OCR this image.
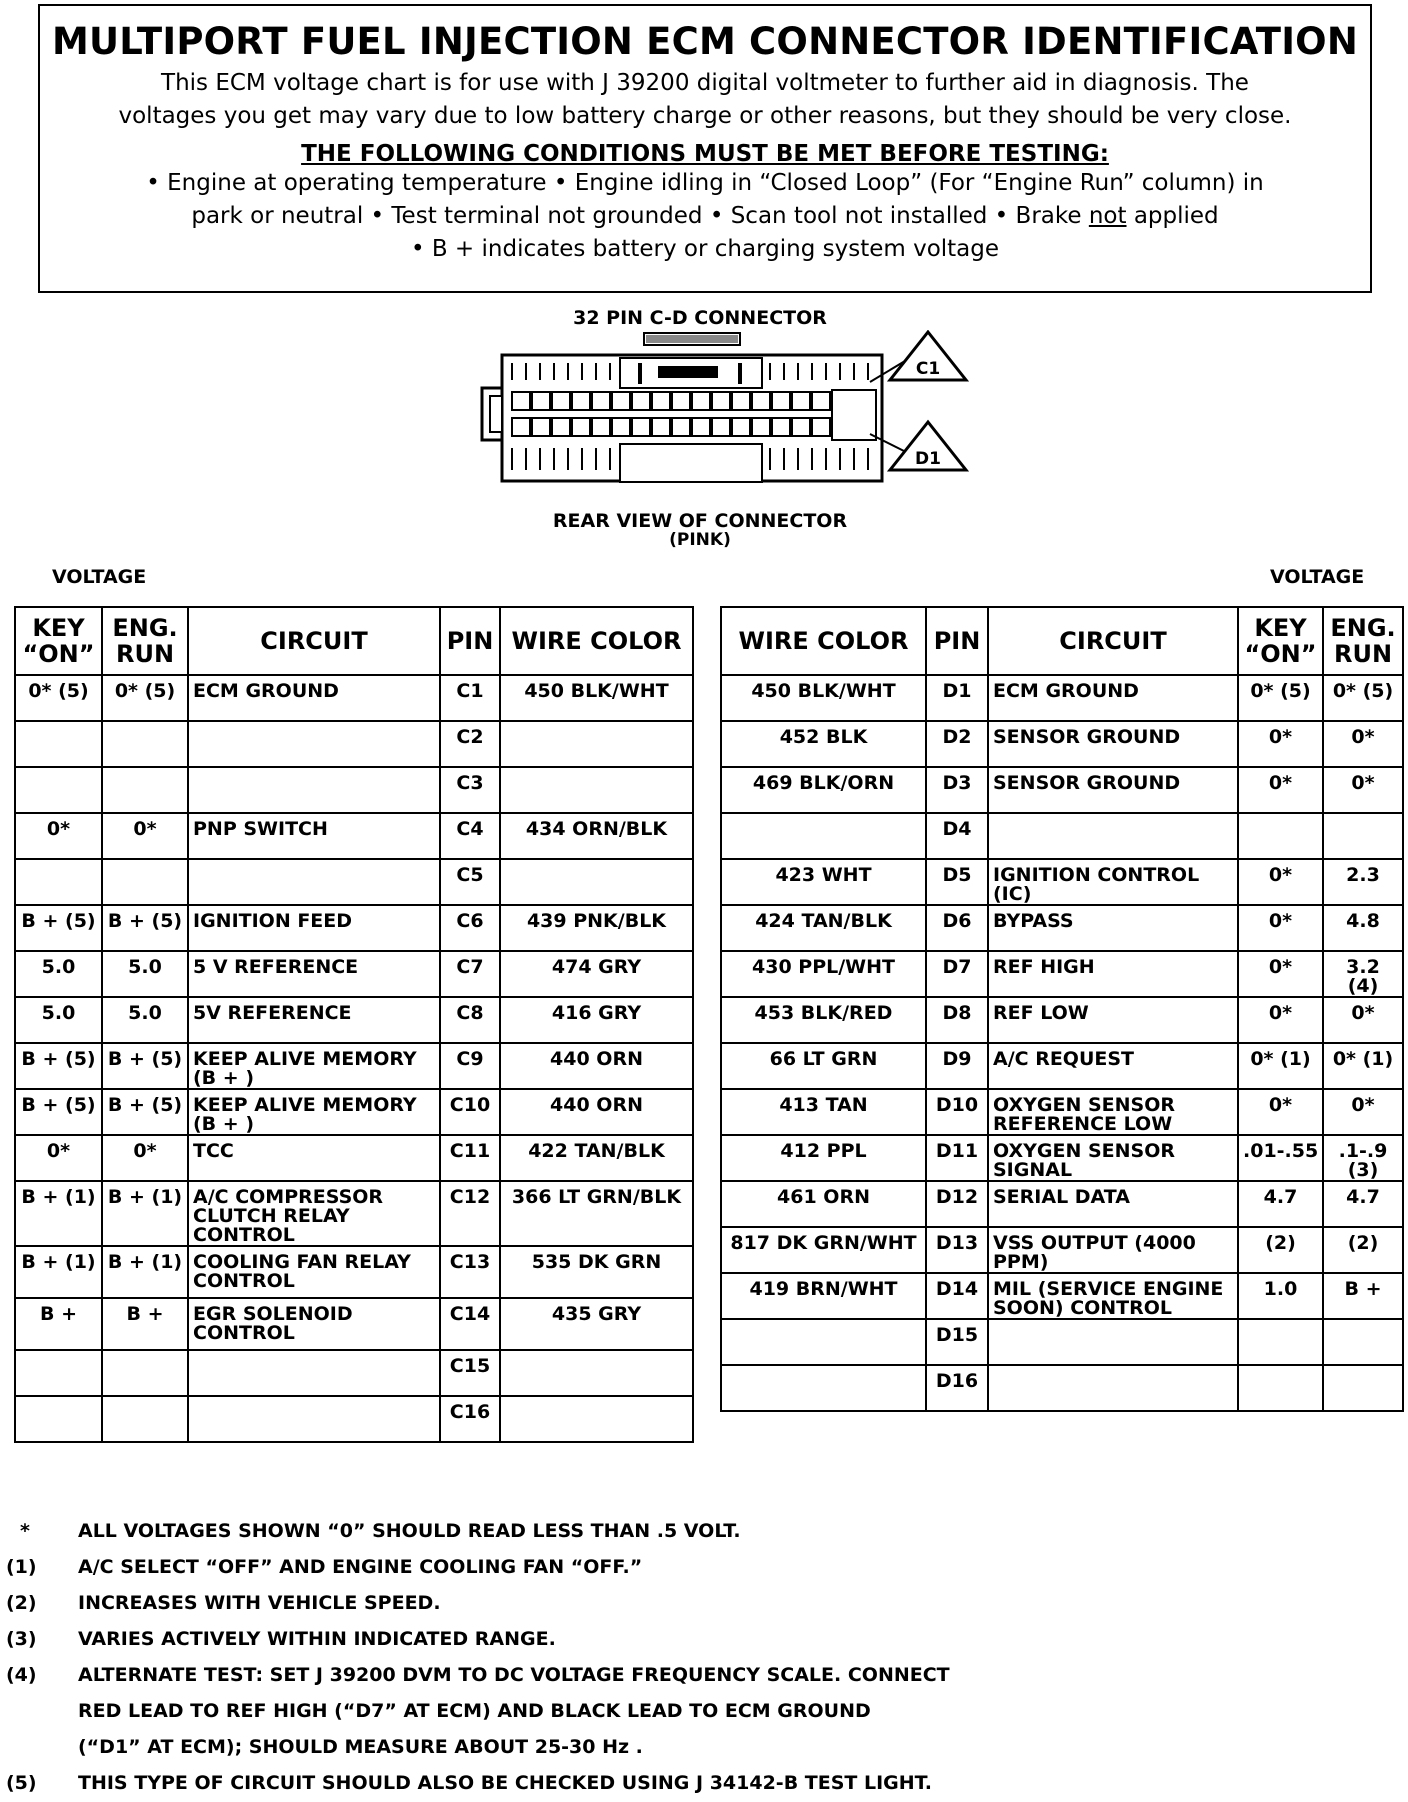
MULTIPORT FUEL INJECTION ECM CONNECTOR IDENTIFICATION
This ECM voltage chart is for use with J 39200 digital voltmeter to further aid in diagnosis. The
voltages you get may vary due to low battery charge or other reasons, but they should be very close.
THE FOLLOWING CONDITIONS MUST BE MET BEFORE TESTING:
• Engine at operating temperature • Engine idling in “Closed Loop” (For “Engine Run” column) in
park or neutral • Test terminal not grounded • Scan tool not installed • Brake not applied
• B + indicates battery or charging system voltage
32 PIN C-D CONNECTOR
C1
D1
REAR VIEW OF CONNECTOR
(PINK)
VOLTAGE	VOLTAGE
KEY “ON”	ENG. RUN	CIRCUIT	PIN	WIRE COLOR
0* (5)	0* (5)	ECM GROUND	C1	450 BLK/WHT
			C2	
			C3	
0*	0*	PNP SWITCH	C4	434 ORN/BLK
			C5	
B + (5)	B + (5)	IGNITION FEED	C6	439 PNK/BLK
5.0	5.0	5 V REFERENCE	C7	474 GRY
5.0	5.0	5V REFERENCE	C8	416 GRY
B + (5)	B + (5)	KEEP ALIVE MEMORY (B + )	C9	440 ORN
B + (5)	B + (5)	KEEP ALIVE MEMORY (B + )	C10	440 ORN
0*	0*	TCC	C11	422 TAN/BLK
B + (1)	B + (1)	A/C COMPRESSOR CLUTCH RELAY CONTROL	C12	366 LT GRN/BLK
B + (1)	B + (1)	COOLING FAN RELAY CONTROL	C13	535 DK GRN
B +	B +	EGR SOLENOID CONTROL	C14	435 GRY
			C15	
			C16	
WIRE COLOR	PIN	CIRCUIT	KEY “ON”	ENG. RUN
450 BLK/WHT	D1	ECM GROUND	0* (5)	0* (5)
452 BLK	D2	SENSOR GROUND	0*	0*
469 BLK/ORN	D3	SENSOR GROUND	0*	0*
	D4			
423 WHT	D5	IGNITION CONTROL (IC)	0*	2.3
424 TAN/BLK	D6	BYPASS	0*	4.8
430 PPL/WHT	D7	REF HIGH	0*	3.2 (4)
453 BLK/RED	D8	REF LOW	0*	0*
66 LT GRN	D9	A/C REQUEST	0* (1)	0* (1)
413 TAN	D10	OXYGEN SENSOR REFERENCE LOW	0*	0*
412 PPL	D11	OXYGEN SENSOR SIGNAL	.01-.55	.1-.9 (3)
461 ORN	D12	SERIAL DATA	4.7	4.7
817 DK GRN/WHT	D13	VSS OUTPUT (4000 PPM)	(2)	(2)
419 BRN/WHT	D14	MIL (SERVICE ENGINE SOON) CONTROL	1.0	B +
	D15			
	D16			
*	ALL VOLTAGES SHOWN “0” SHOULD READ LESS THAN .5 VOLT.
(1) A/C SELECT “OFF” AND ENGINE COOLING FAN “OFF.”
(2) INCREASES WITH VEHICLE SPEED.
(3) VARIES ACTIVELY WITHIN INDICATED RANGE.
(4) ALTERNATE TEST: SET J 39200 DVM TO DC VOLTAGE FREQUENCY SCALE. CONNECT
RED LEAD TO REF HIGH (“D7” AT ECM) AND BLACK LEAD TO ECM GROUND
(“D1” AT ECM); SHOULD MEASURE ABOUT 25-30 Hz .
(5) THIS TYPE OF CIRCUIT SHOULD ALSO BE CHECKED USING J 34142-B TEST LIGHT.
